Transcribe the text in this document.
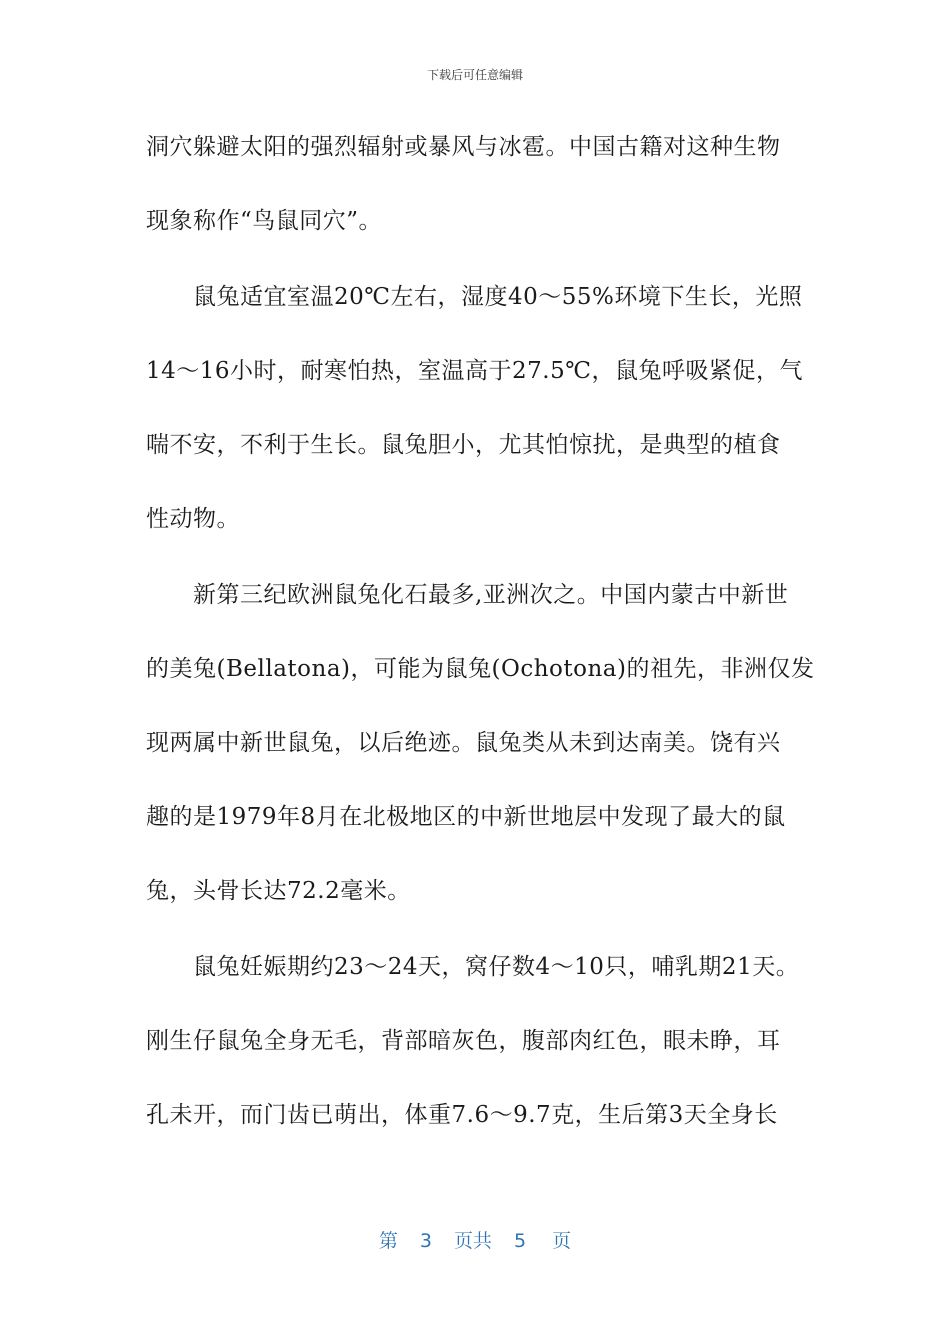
下载后可任意编辑
洞穴躲避太阳的强烈辐射或暴风与冰雹。中国古籍对这种生物
现象称作“鸟鼠同穴”。
鼠兔适宜室温20℃左右，湿度40～55%环境下生长，光照
14～16小时，耐寒怕热，室温高于27.5℃，鼠兔呼吸紧促，气
喘不安，不利于生长。鼠兔胆小，尤其怕惊扰，是典型的植食
性动物。
新第三纪欧洲鼠兔化石最多,亚洲次之。中国内蒙古中新世
的美兔(Bellatona)，可能为鼠兔(Ochotona)的祖先，非洲仅发
现两属中新世鼠兔，以后绝迹。鼠兔类从未到达南美。饶有兴
趣的是1979年8月在北极地区的中新世地层中发现了最大的鼠
兔，头骨长达72.2毫米。
鼠兔妊娠期约23～24天，窝仔数4～10只，哺乳期21天。
刚生仔鼠兔全身无毛，背部暗灰色，腹部肉红色，眼未睁，耳
孔未开，而门齿已萌出，体重7.6～9.7克，生后第3天全身长
第 3 页共 5 页
